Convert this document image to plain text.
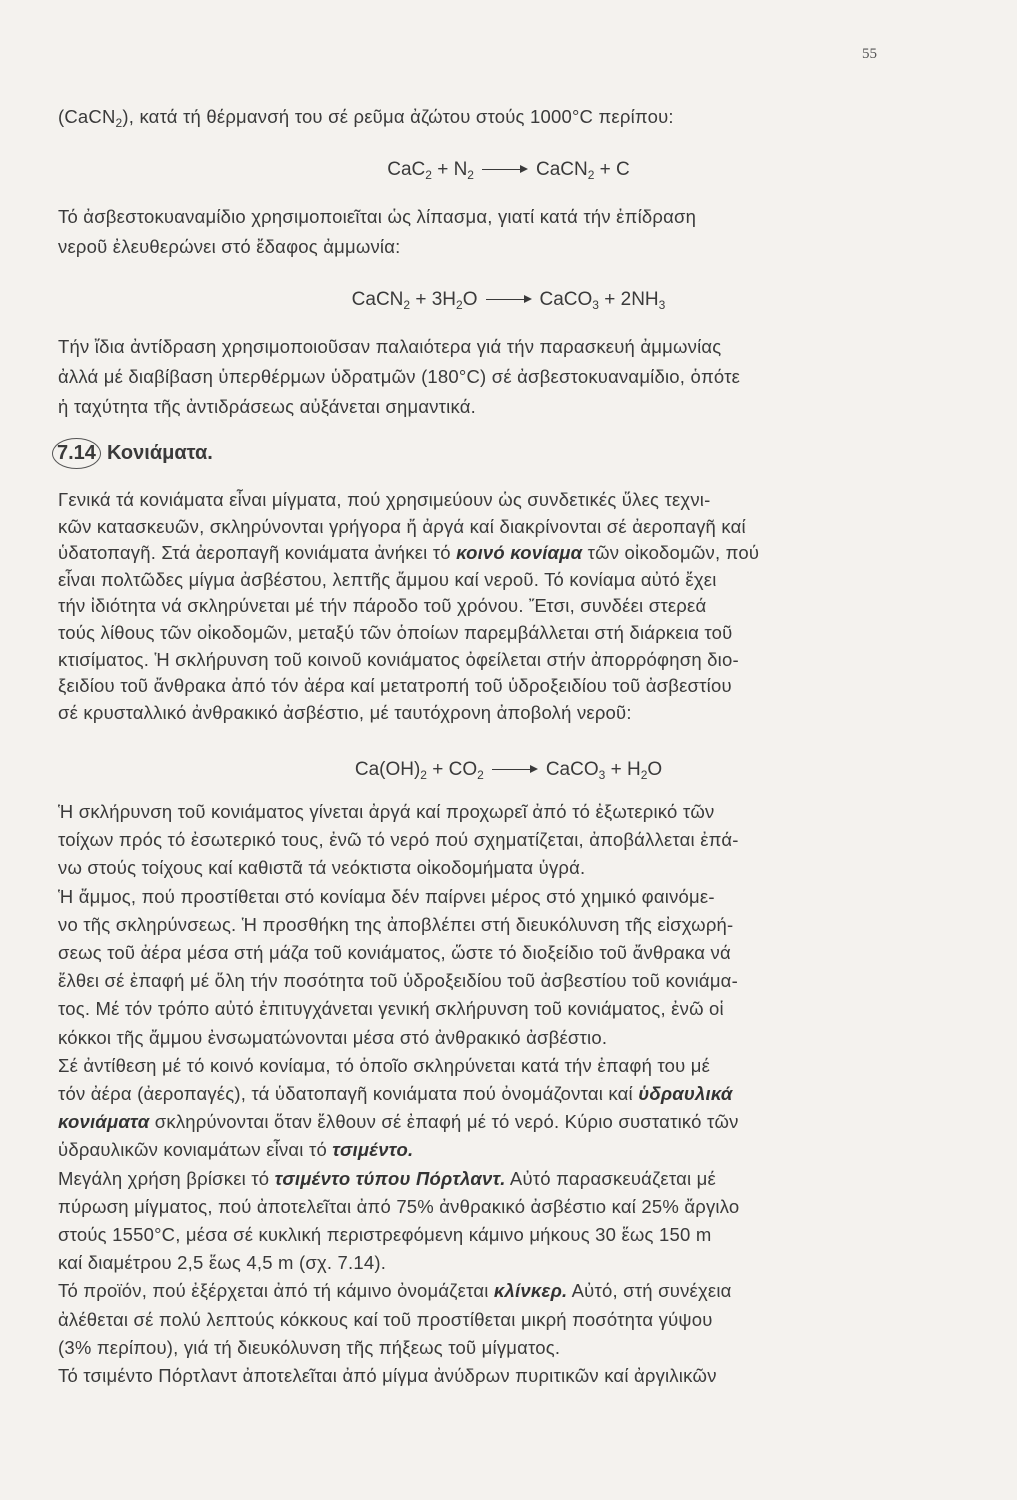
55
(CaCN$_2$), κατά τή θέρμανσή του σέ ρεῦμα ἀζώτου στούς 1000°C περίπου:
$CaC_2 + N_2$	CaCN$_2$ + C
Τό ἀσβεστοκυαναμίδιο χρησιμοποιεῖται ὡς λίπασμα, γιατί κατά τήν ἐπίδραση
νεροῦ ἐλευθερώνει στό ἔδαφος ἀμμωνία:
CaCN$_2$ + $3H_2O$	CaCO$_3$ + $2NH_3$
Τήν ἴδια ἀντίδραση χρησιμοποιοῦσαν παλαιότερα γιά τήν παρασκευή ἀμμωνίας
ἀλλά μέ διαβίβαση ὑπερθέρμων ὑδρατμῶν (180°C) σέ ἀσβεστοκυαναμίδιο, ὁπότε
ἡ ταχύτητα τῆς ἀντιδράσεως αὐξάνεται σημαντικά.
Γενικά τά κονιάματα εἶναι μίγματα, πού χρησιμεύουν ὡς συνδετικές ὕλες τεχνι-
κῶν κατασκευῶν, σκληρύνονται γρήγορα ἤ ἀργά καί διακρίνονται σέ ἀεροπαγῆ καί
ὑδατοπαγῆ. Στά ἀεροπαγῆ κονιάματα ἀνήκει τό κοινό κονίαμα τῶν οἰκοδομῶν, πού
εἶναι πολτῶδες μίγμα ἀσβέστου, λεπτῆς ἄμμου καί νεροῦ. Τό κονίαμα αὐτό ἔχει
τήν ἰδιότητα νά σκληρύνεται μέ τήν πάροδο τοῦ χρόνου. Ἔτσι, συνδέει στερεά
τούς λίθους τῶν οἰκοδομῶν, μεταξύ τῶν ὁποίων παρεμβάλλεται στή διάρκεια τοῦ
κτισίματος. Ἡ σκλήρυνση τοῦ κοινοῦ κονιάματος ὀφείλεται στήν ἀπορρόφηση διο-
ξειδίου τοῦ ἄνθρακα ἀπό τόν ἀέρα καί μετατροπή τοῦ ὑδροξειδίου τοῦ ἀσβεστίου
σέ κρυσταλλικό ἀνθρακικό ἀσβέστιο, μέ ταυτόχρονη ἀποβολή νεροῦ:
$Ca(OH)_2 + CO_2$	CaCO$_3$ + $H_2O$
Ἡ σκλήρυνση τοῦ κονιάματος γίνεται ἀργά καί προχωρεῖ ἀπό τό ἐξωτερικό τῶν
τοίχων πρός τό ἐσωτερικό τους, ἐνῶ τό νερό πού σχηματίζεται, ἀποβάλλεται ἐπά-
νω στούς τοίχους καί καθιστᾶ τά νεόκτιστα οἰκοδομήματα ὑγρά.
Ἡ ἄμμος, πού προστίθεται στό κονίαμα δέν παίρνει μέρος στό χημικό φαινόμε-
νο τῆς σκληρύνσεως. Ἡ προσθήκη της ἀποβλέπει στή διευκόλυνση τῆς εἰσχωρή-
σεως τοῦ ἀέρα μέσα στή μάζα τοῦ κονιάματος, ὥστε τό διοξείδιο τοῦ ἄνθρακα νά
ἔλθει σέ ἐπαφή μέ ὅλη τήν ποσότητα τοῦ ὑδροξειδίου τοῦ ἀσβεστίου τοῦ κονιάμα-
τος. Μέ τόν τρόπο αὐτό ἐπιτυγχάνεται γενική σκλήρυνση τοῦ κονιάματος, ἐνῶ οἱ
κόκκοι τῆς ἄμμου ἐνσωματώνονται μέσα στό ἀνθρακικό ἀσβέστιο.
Σέ ἀντίθεση μέ τό κοινό κονίαμα, τό ὁποῖο σκληρύνεται κατά τήν ἐπαφή του μέ
τόν ἀέρα (ἀεροπαγές), τά ὑδατοπαγῆ κονιάματα πού ὀνομάζονται καί ὑδραυλικά
κονιάματα σκληρύνονται ὅταν ἔλθουν σέ ἐπαφή μέ τό νερό. Κύριο συστατικό τῶν
ὑδραυλικῶν κονιαμάτων εἶναι τό τσιμέντο.
Μεγάλη χρήση βρίσκει τό τσιμέντο τύπου Πόρτλαντ. Αὐτό παρασκευάζεται μέ
πύρωση μίγματος, πού ἀποτελεῖται ἀπό 75% ἀνθρακικό ἀσβέστιο καί 25% ἄργιλο
στούς 1550°C, μέσα σέ κυκλική περιστρεφόμενη κάμινο μήκους 30 ἕως 150 m
καί διαμέτρου 2,5 ἕως 4,5 m (σχ. 7.14).
Τό προϊόν, πού ἐξέρχεται ἀπό τή κάμινο ὀνομάζεται κλίνκερ. Αὐτό, στή συνέχεια
ἀλέθεται σέ πολύ λεπτούς κόκκους καί τοῦ προστίθεται μικρή ποσότητα γύψου
(3% περίπου), γιά τή διευκόλυνση τῆς πήξεως τοῦ μίγματος.
Τό τσιμέντο Πόρτλαντ ἀποτελεῖται ἀπό μίγμα ἀνύδρων πυριτικῶν καί ἀργιλικῶν
7.14 Κονιάματα.
